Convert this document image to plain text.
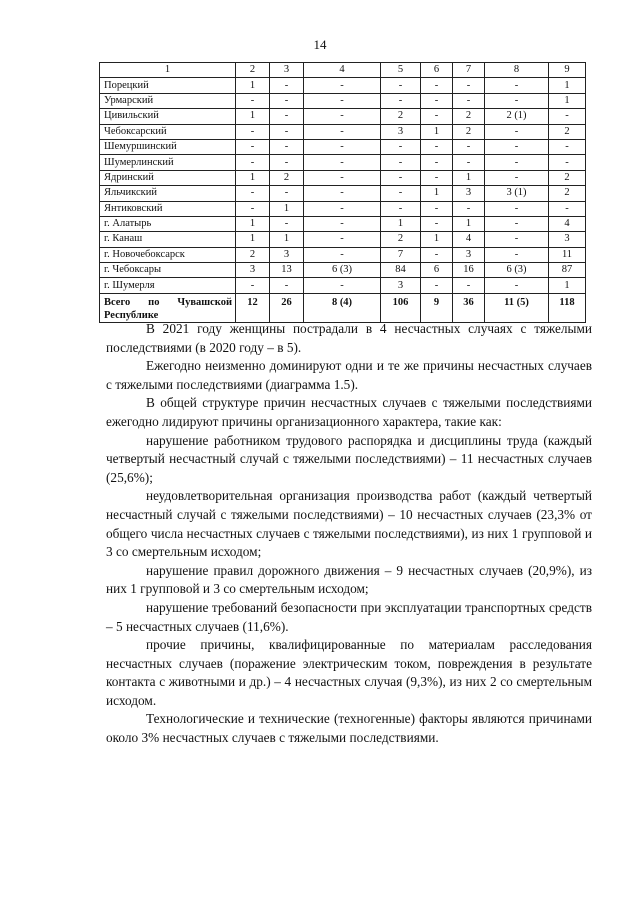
14
1	2	3	4	5	6	7	8	9
Порецкий	1	-	-	-	-	-	-	1
Урмарский	-	-	-	-	-	-	-	1
Цивильский	1	-	-	2	-	2	2 (1)	-
Чебоксарский	-	-	-	3	1	2	-	2
Шемуршинский	-	-	-	-	-	-	-	-
Шумерлинский	-	-	-	-	-	-	-	-
Ядринский	1	2	-	-	-	1	-	2
Яльчикский	-	-	-	-	1	3	3 (1)	2
Янтиковский	-	1	-	-	-	-	-	-
г. Алатырь	1	-	-	1	-	1	-	4
г. Канаш	1	1	-	2	1	4	-	3
г. Новочебоксарск	2	3	-	7	-	3	-	11
г. Чебоксары	3	13	6 (3)	84	6	16	6 (3)	87
г. Шумерля	-	-	-	3	-	-	-	1
Всего по Чувашской Республике	12	26	8 (4)	106	9	36	11 (5)	118

В 2021 году женщины пострадали в 4 несчастных случаях с тяжелыми последствиями (в 2020 году – в 5).

Ежегодно неизменно доминируют одни и те же причины несчастных случаев с тяжелыми последствиями (диаграмма 1.5).

В общей структуре причин несчастных случаев с тяжелыми последствиями ежегодно лидируют причины организационного характера, такие как:

нарушение работником трудового распорядка и дисциплины труда (каждый четвертый несчастный случай с тяжелыми последствиями) – 11 несчастных случаев (25,6%);

неудовлетворительная организация производства работ (каждый четвертый несчастный случай с тяжелыми последствиями) – 10 несчастных случаев (23,3% от общего числа несчастных случаев с тяжелыми последствиями), из них 1 групповой и 3 со смертельным исходом;

нарушение правил дорожного движения – 9 несчастных случаев (20,9%), из них 1 групповой и 3 со смертельным исходом;

нарушение требований безопасности при эксплуатации транспортных средств – 5 несчастных случаев (11,6%).

прочие причины, квалифицированные по материалам расследования несчастных случаев (поражение электрическим током, повреждения в результате контакта с животными и др.) – 4 несчастных случая (9,3%), из них 2 со смертельным исходом.

Технологические и технические (техногенные) факторы являются причинами около 3% несчастных случаев с тяжелыми последствиями.
